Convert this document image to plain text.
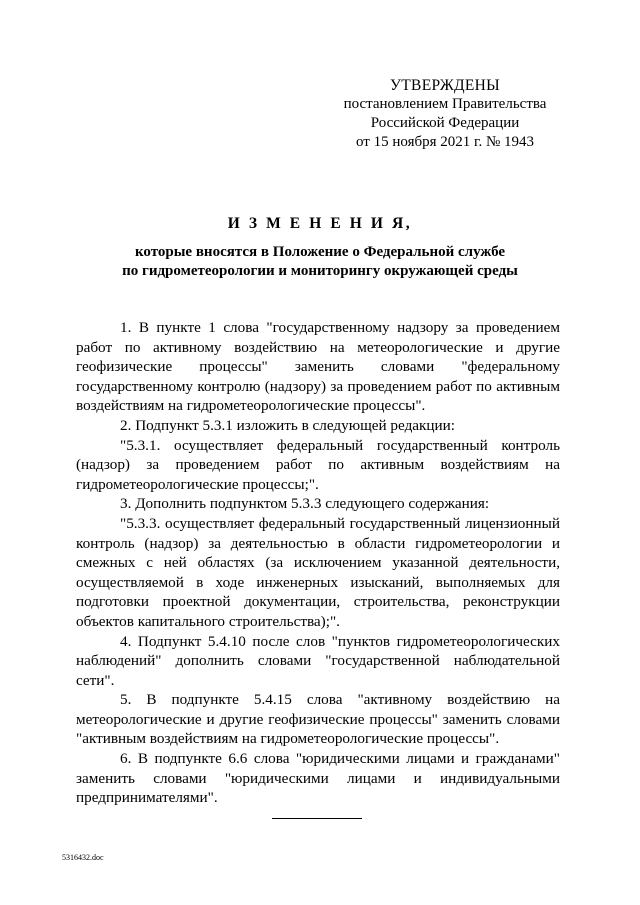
УТВЕРЖДЕНЫ
постановлением Правительства
Российской Федерации
от 15 ноября 2021 г. № 1943
И З М Е Н Е Н И Я,
которые вносятся в Положение о Федеральной службе
по гидрометеорологии и мониторингу окружающей среды

1. В пункте 1 слова "государственному надзору за проведением работ по активному воздействию на метеорологические и другие геофизические процессы" заменить словами "федеральному государственному контролю (надзору) за проведением работ по активным воздействиям на гидрометеорологические процессы".

2. Подпункт 5.3.1 изложить в следующей редакции:

"5.3.1. осуществляет федеральный государственный контроль (надзор) за проведением работ по активным воздействиям на гидрометеорологические процессы;".

3. Дополнить подпунктом 5.3.3 следующего содержания:

"5.3.3. осуществляет федеральный государственный лицензионный контроль (надзор) за деятельностью в области гидрометеорологии и смежных с ней областях (за исключением указанной деятельности, осуществляемой в ходе инженерных изысканий, выполняемых для подготовки проектной документации, строительства, реконструкции объектов капитального строительства);".

4. Подпункт 5.4.10 после слов "пунктов гидрометеорологических наблюдений" дополнить словами "государственной наблюдательной сети".

5. В подпункте 5.4.15 слова "активному воздействию на метеорологические и другие геофизические процессы" заменить словами "активным воздействиям на гидрометеорологические процессы".

6. В подпункте 6.6 слова "юридическими лицами и гражданами" заменить словами "юридическими лицами и индивидуальными предпринимателями".

5316432.doc
